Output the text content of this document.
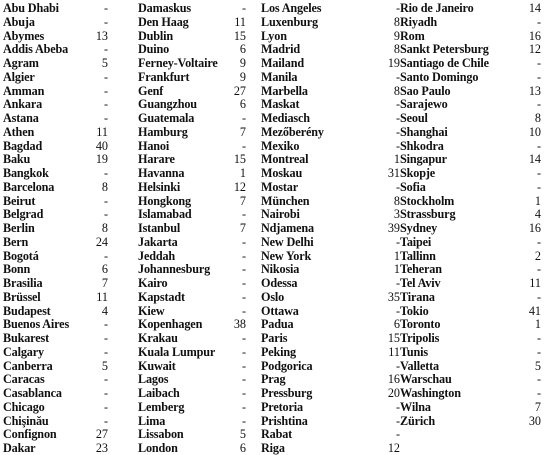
Abu Dhabi	-
Abuja	-
Abymes	13
Addis Abeba	-
Agram	5
Algier	-
Amman	-
Ankara	-
Astana	-
Athen	11
Bagdad	40
Baku	19
Bangkok	-
Barcelona	8
Beirut	-
Belgrad	-
Berlin	8
Bern	24
Bogotá	-
Bonn	6
Brasilia	7
Brüssel	11
Budapest	4
Buenos Aires	-
Bukarest	-
Calgary	-
Canberra	5
Caracas	-
Casablanca	-
Chicago	-
Chişinău	-
Confignon	27
Dakar	23
Damaskus	-
Den Haag	11
Dublin	15
Duino	6
Ferney-Voltaire 9
Frankfurt	9
Genf	27
Guangzhou	6
Guatemala	-
Hamburg	7
Hanoi	-
Harare	15
Havanna	1
Helsinki	12
Hongkong	7
Islamabad	-
Istanbul	7
Jakarta	-
Jeddah	-
Johannesburg	-
Kairo	-
Kapstadt	-
Kiew	-
Kopenhagen	38
Krakau	-
Kuala Lumpur -
Kuwait	-
Lagos	-
Laibach	-
Lemberg	-
Lima	-
Lissabon	5
London	6
Los Angeles	-
Luxenburg	8
Lyon	9
Madrid	8
Mailand	19
Manila	-
Marbella	8
Maskat	-
Mediasch	-
Mezőberény	-
Mexiko	-
Montreal	1
Moskau	31
Mostar	-
München	8
Nairobi	3
Ndjamena	39
New Delhi	-
New York	1
Nikosia	1
Odessa	-
Oslo	35
Ottawa	-
Padua	6
Paris	15
Peking	11
Podgorica	-
Prag	16
Pressburg	20
Pretoria	-
Prishtina	-
Rabat	-
Riga	12
Rio de Janeiro	14
Riyadh	-
Rom	16
Sankt Petersburg	12
Santiago de Chile	-
Santo Domingo	-
Sao Paulo	13
Sarajewo	-
Seoul	8
Shanghai	10
Shkodra	-
Singapur	14
Skopje	-
Sofia	-
Stockholm	1
Strassburg	4
Sydney	16
Taipei	-
Tallinn	2
Teheran	-
Tel Aviv	11
Tirana	-
Tokio	41
Toronto	1
Tripolis	-
Tunis	-
Valletta	5
Warschau	-
Washington	-
Wilna	7
Zürich	30
